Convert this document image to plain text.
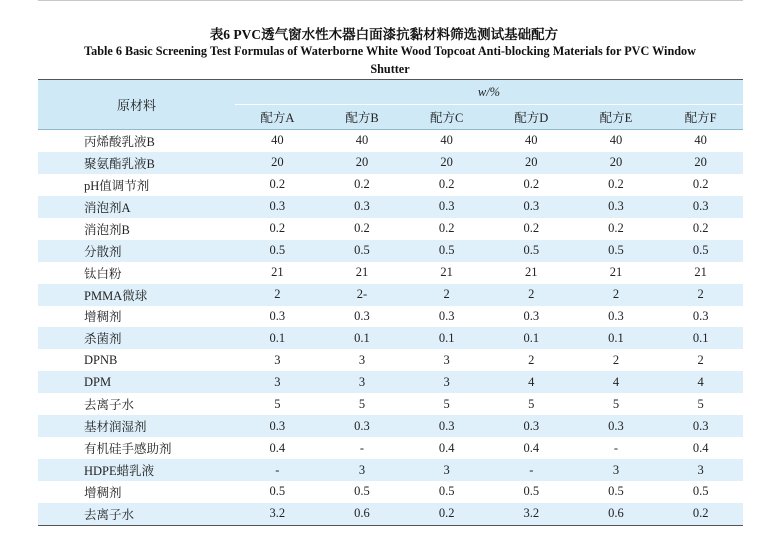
表6 PVC透气窗水性木器白面漆抗黏材料筛选测试基础配方
Table 6 Basic Screening Test Formulas of Waterborne White Wood Topcoat Anti-blocking Materials for PVC Window Shutter
原材料	w/%					
	配方A	配方B	配方C	配方D	配方E	配方F
丙烯酸乳液B	40	40	40	40	40	40
聚氨酯乳液B	20	20	20	20	20	20
pH值调节剂	0.2	0.2	0.2	0.2	0.2	0.2
消泡剂A	0.3	0.3	0.3	0.3	0.3	0.3
消泡剂B	0.2	0.2	0.2	0.2	0.2	0.2
分散剂	0.5	0.5	0.5	0.5	0.5	0.5
钛白粉	21	21	21	21	21	21
PMMA微球	2	2-	2	2	2	2
增稠剂	0.3	0.3	0.3	0.3	0.3	0.3
杀菌剂	0.1	0.1	0.1	0.1	0.1	0.1
DPNB	3	3	3	2	2	2
DPM	3	3	3	4	4	4
去离子水	5	5	5	5	5	5
基材润湿剂	0.3	0.3	0.3	0.3	0.3	0.3
有机硅手感助剂	0.4	-	0.4	0.4	-	0.4
HDPE蜡乳液	-	3	3	-	3	3
增稠剂	0.5	0.5	0.5	0.5	0.5	0.5
去离子水	3.2	0.6	0.2	3.2	0.6	0.2
